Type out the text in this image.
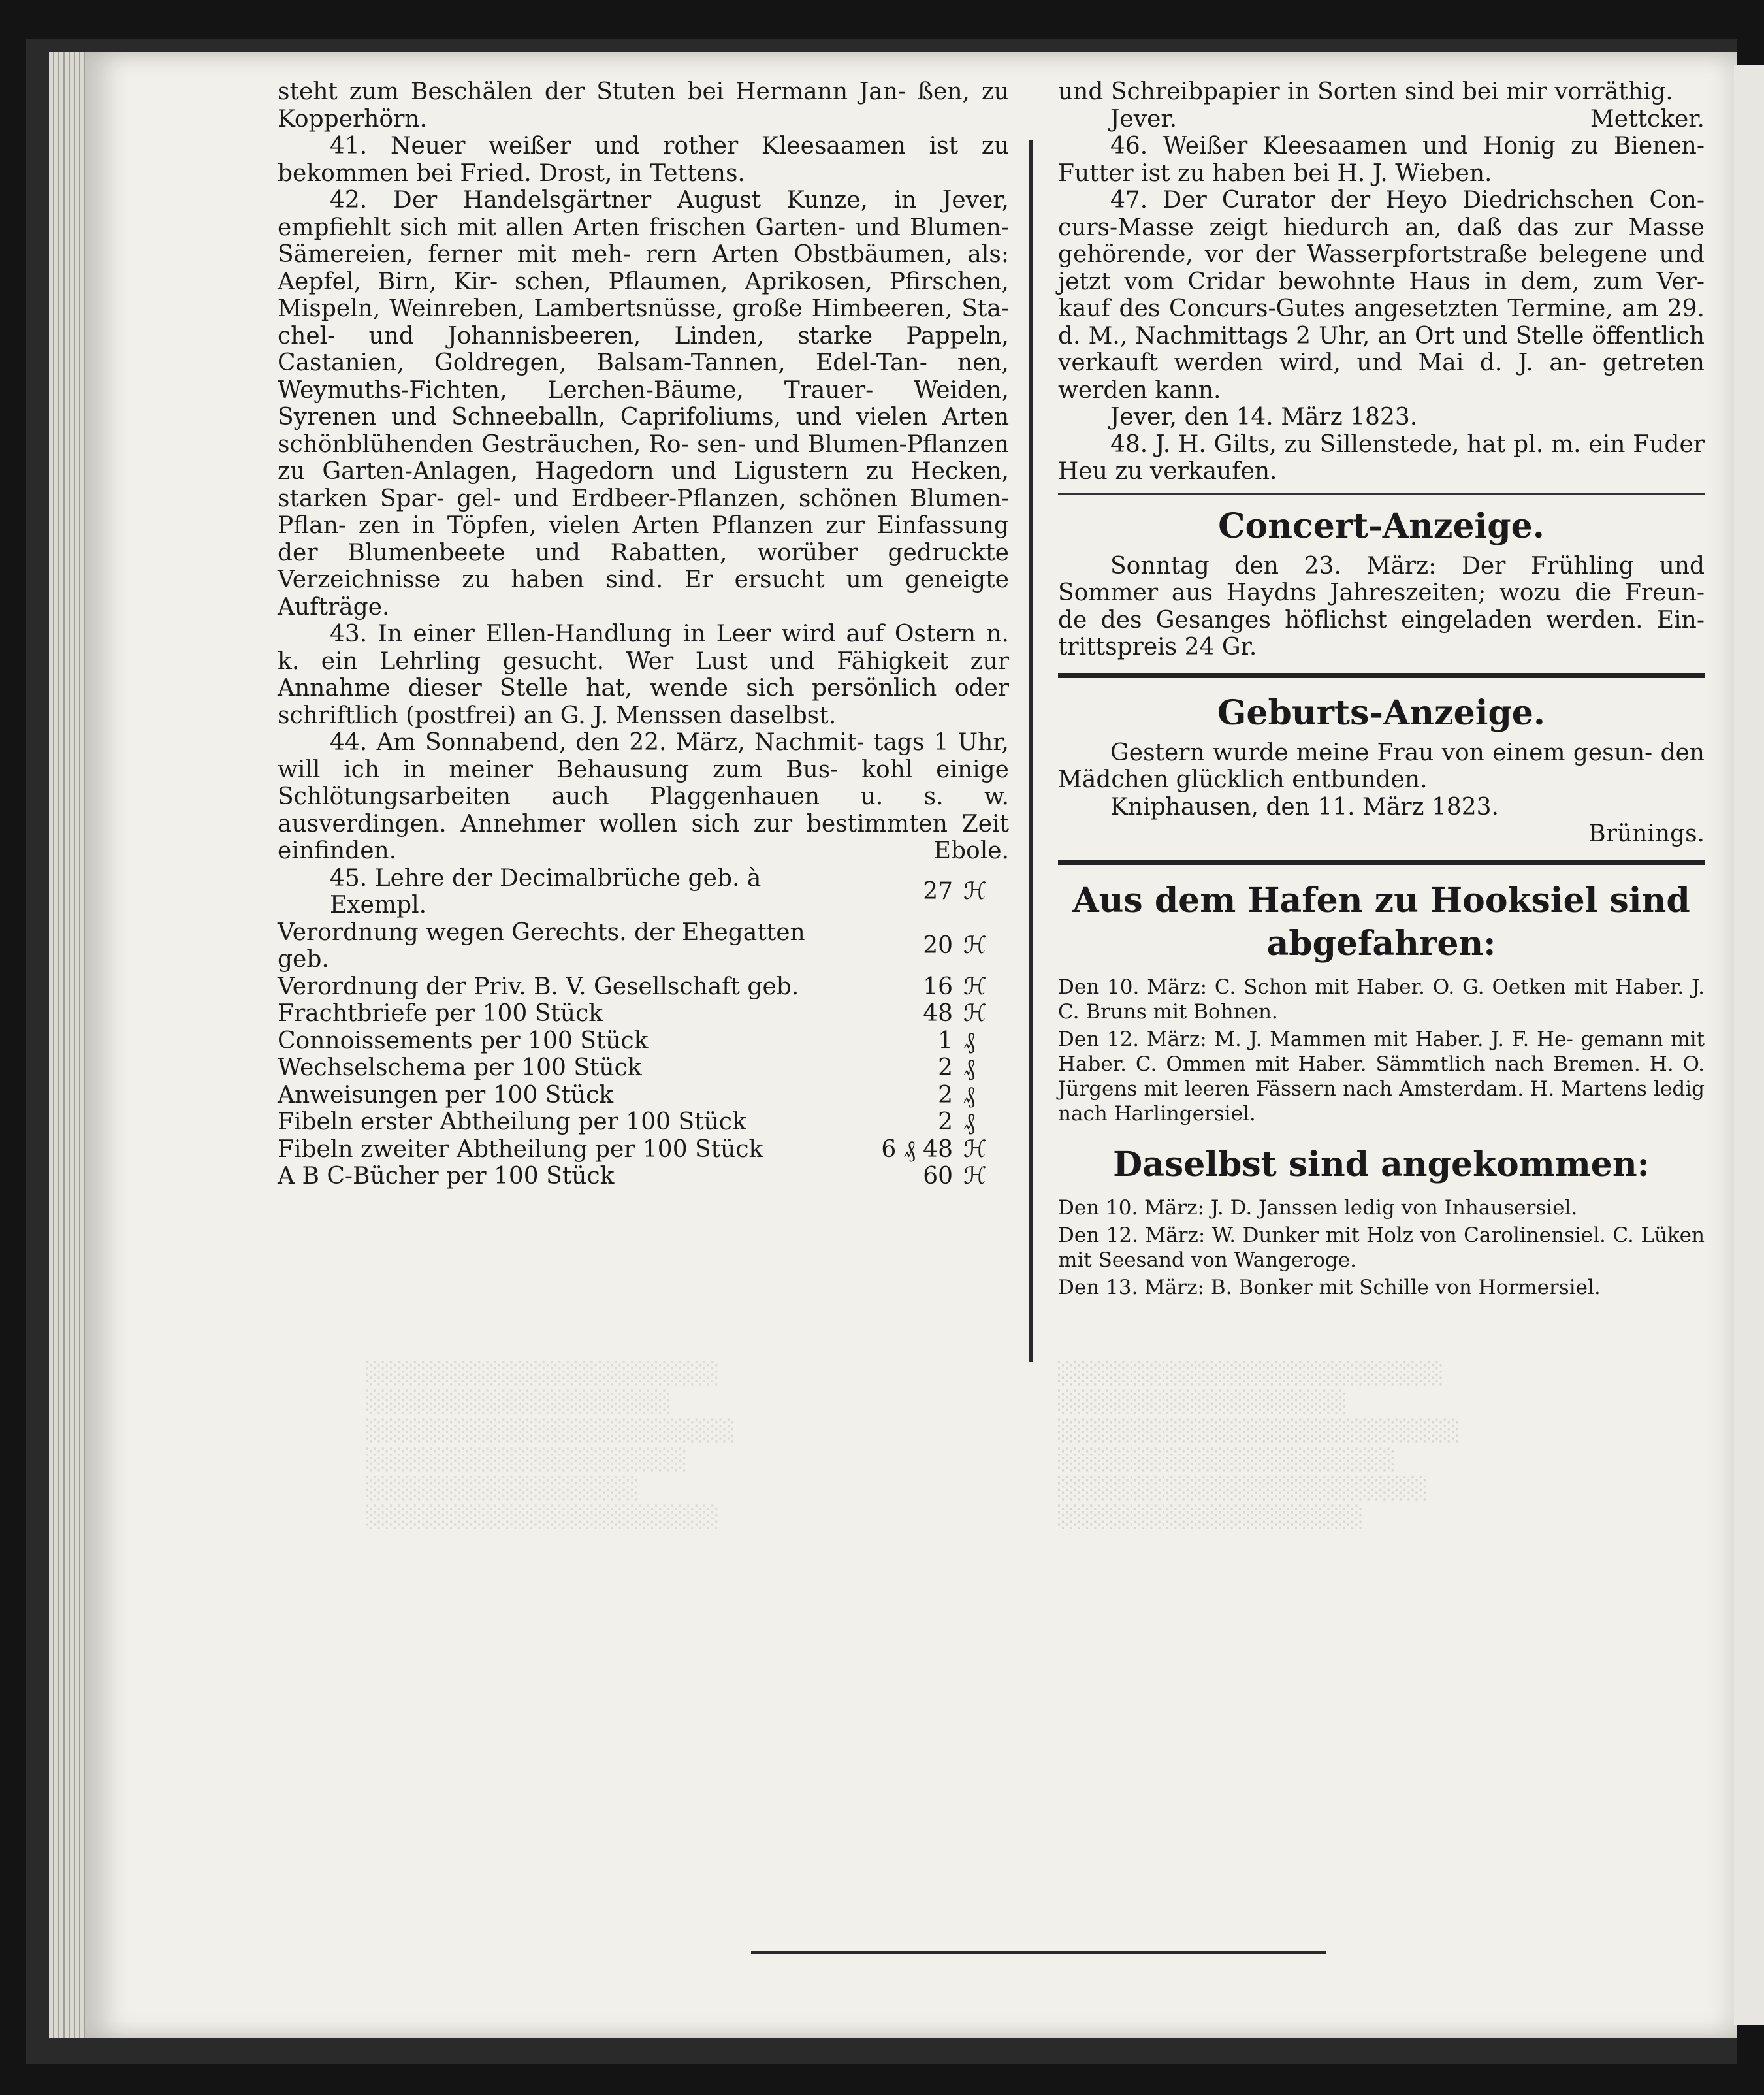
░░░░░░░░░░░░░░░░░░░░░░
░░░░░░░░░░░░░░░░░░░
░░░░░░░░░░░░░░░░░░░░░░░
░░░░░░░░░░░░░░░░░░░░
░░░░░░░░░░░░░░░░░
░░░░░░░░░░░░░░░░░░░░░░
░░░░░░░░░░░░░░░░░░░░░░░░
░░░░░░░░░░░░░░░░░░
░░░░░░░░░░░░░░░░░░░░░░░░░
░░░░░░░░░░░░░░░░░░░░░
░░░░░░░░░░░░░░░░░░░░░░░
░░░░░░░░░░░░░░░░░░░

steht zum Beschälen der Stuten bei Hermann Jan- ßen, zu Kopperhörn.

41. Neuer weißer und rother Kleesaamen ist zu bekommen bei Fried. Drost, in Tettens.

42. Der Handelsgärtner August Kunze, in Jever, empfiehlt sich mit allen Arten frischen Garten- und Blumen-Sämereien, ferner mit meh- rern Arten Obstbäumen, als: Aepfel, Birn, Kir- schen, Pflaumen, Aprikosen, Pfirschen, Mispeln, Weinreben, Lambertsnüsse, große Himbeeren, Sta- chel- und Johannisbeeren, Linden, starke Pappeln, Castanien, Goldregen, Balsam-Tannen, Edel-Tan- nen, Weymuths-Fichten, Lerchen-Bäume, Trauer- Weiden, Syrenen und Schneeballn, Caprifoliums, und vielen Arten schönblühenden Gesträuchen, Ro- sen- und Blumen-Pflanzen zu Garten-Anlagen, Hagedorn und Ligustern zu Hecken, starken Spar- gel- und Erdbeer-Pflanzen, schönen Blumen-Pflan- zen in Töpfen, vielen Arten Pflanzen zur Einfassung der Blumenbeete und Rabatten, worüber gedruckte Verzeichnisse zu haben sind. Er ersucht um geneigte Aufträge.

43. In einer Ellen-Handlung in Leer wird auf Ostern n. k. ein Lehrling gesucht. Wer Lust und Fähigkeit zur Annahme dieser Stelle hat, wende sich persönlich oder schriftlich (postfrei) an G. J. Menssen daselbst.

44. Am Sonnabend, den 22. März, Nachmit- tags 1 Uhr, will ich in meiner Behausung zum Bus- kohl einige Schlötungsarbeiten auch Plaggenhauen u. s. w. ausverdingen. Annehmer wollen sich zur bestimmten Zeit einfinden.	Ebole.

45. Lehre der Decimalbrüche geb. à Exempl.	27	ℋ
Verordnung wegen Gerechts. der Ehegatten geb.	20	ℋ
Verordnung der Priv. B. V. Gesellschaft geb.	16	ℋ
Frachtbriefe per 100 Stück	48	ℋ
Connoissements per 100 Stück	1	₰
Wechselschema per 100 Stück	2	₰
Anweisungen per 100 Stück	2	₰
Fibeln erster Abtheilung per 100 Stück	2	₰
Fibeln zweiter Abtheilung per 100 Stück	6 ₰ 48	ℋ
A B C-Bücher per 100 Stück	60	ℋ

und Schreibpapier in Sorten sind bei mir vorräthig.

Jever.	Mettcker.

46. Weißer Kleesaamen und Honig zu Bienen- Futter ist zu haben bei H. J. Wieben.

47. Der Curator der Heyo Diedrichschen Con- curs-Masse zeigt hiedurch an, daß das zur Masse gehörende, vor der Wasserpfortstraße belegene und jetzt vom Cridar bewohnte Haus in dem, zum Ver- kauf des Concurs-Gutes angesetzten Termine, am 29. d. M., Nachmittags 2 Uhr, an Ort und Stelle öffentlich verkauft werden wird, und Mai d. J. an- getreten werden kann.

Jever, den 14. März 1823.

48. J. H. Gilts, zu Sillenstede, hat pl. m. ein Fuder Heu zu verkaufen.

Concert-Anzeige.

Sonntag den 23. März: Der Frühling und Sommer aus Haydns Jahreszeiten; wozu die Freun- de des Gesanges höflichst eingeladen werden. Ein- trittspreis 24 Gr.

Geburts-Anzeige.

Gestern wurde meine Frau von einem gesun- den Mädchen glücklich entbunden.

Kniphausen, den 11. März 1823.

Brünings.
Aus dem Hafen zu Hooksiel sind abgefahren:

Den 10. März: C. Schon mit Haber. O. G. Oetken mit Haber. J. C. Bruns mit Bohnen.

Den 12. März: M. J. Mammen mit Haber. J. F. He- gemann mit Haber. C. Ommen mit Haber. Sämmtlich nach Bremen. H. O. Jürgens mit leeren Fässern nach Amsterdam. H. Martens ledig nach Harlingersiel.

Daselbst sind angekommen:

Den 10. März: J. D. Janssen ledig von Inhausersiel.

Den 12. März: W. Dunker mit Holz von Carolinensiel. C. Lüken mit Seesand von Wangeroge.

Den 13. März: B. Bonker mit Schille von Hormersiel.
